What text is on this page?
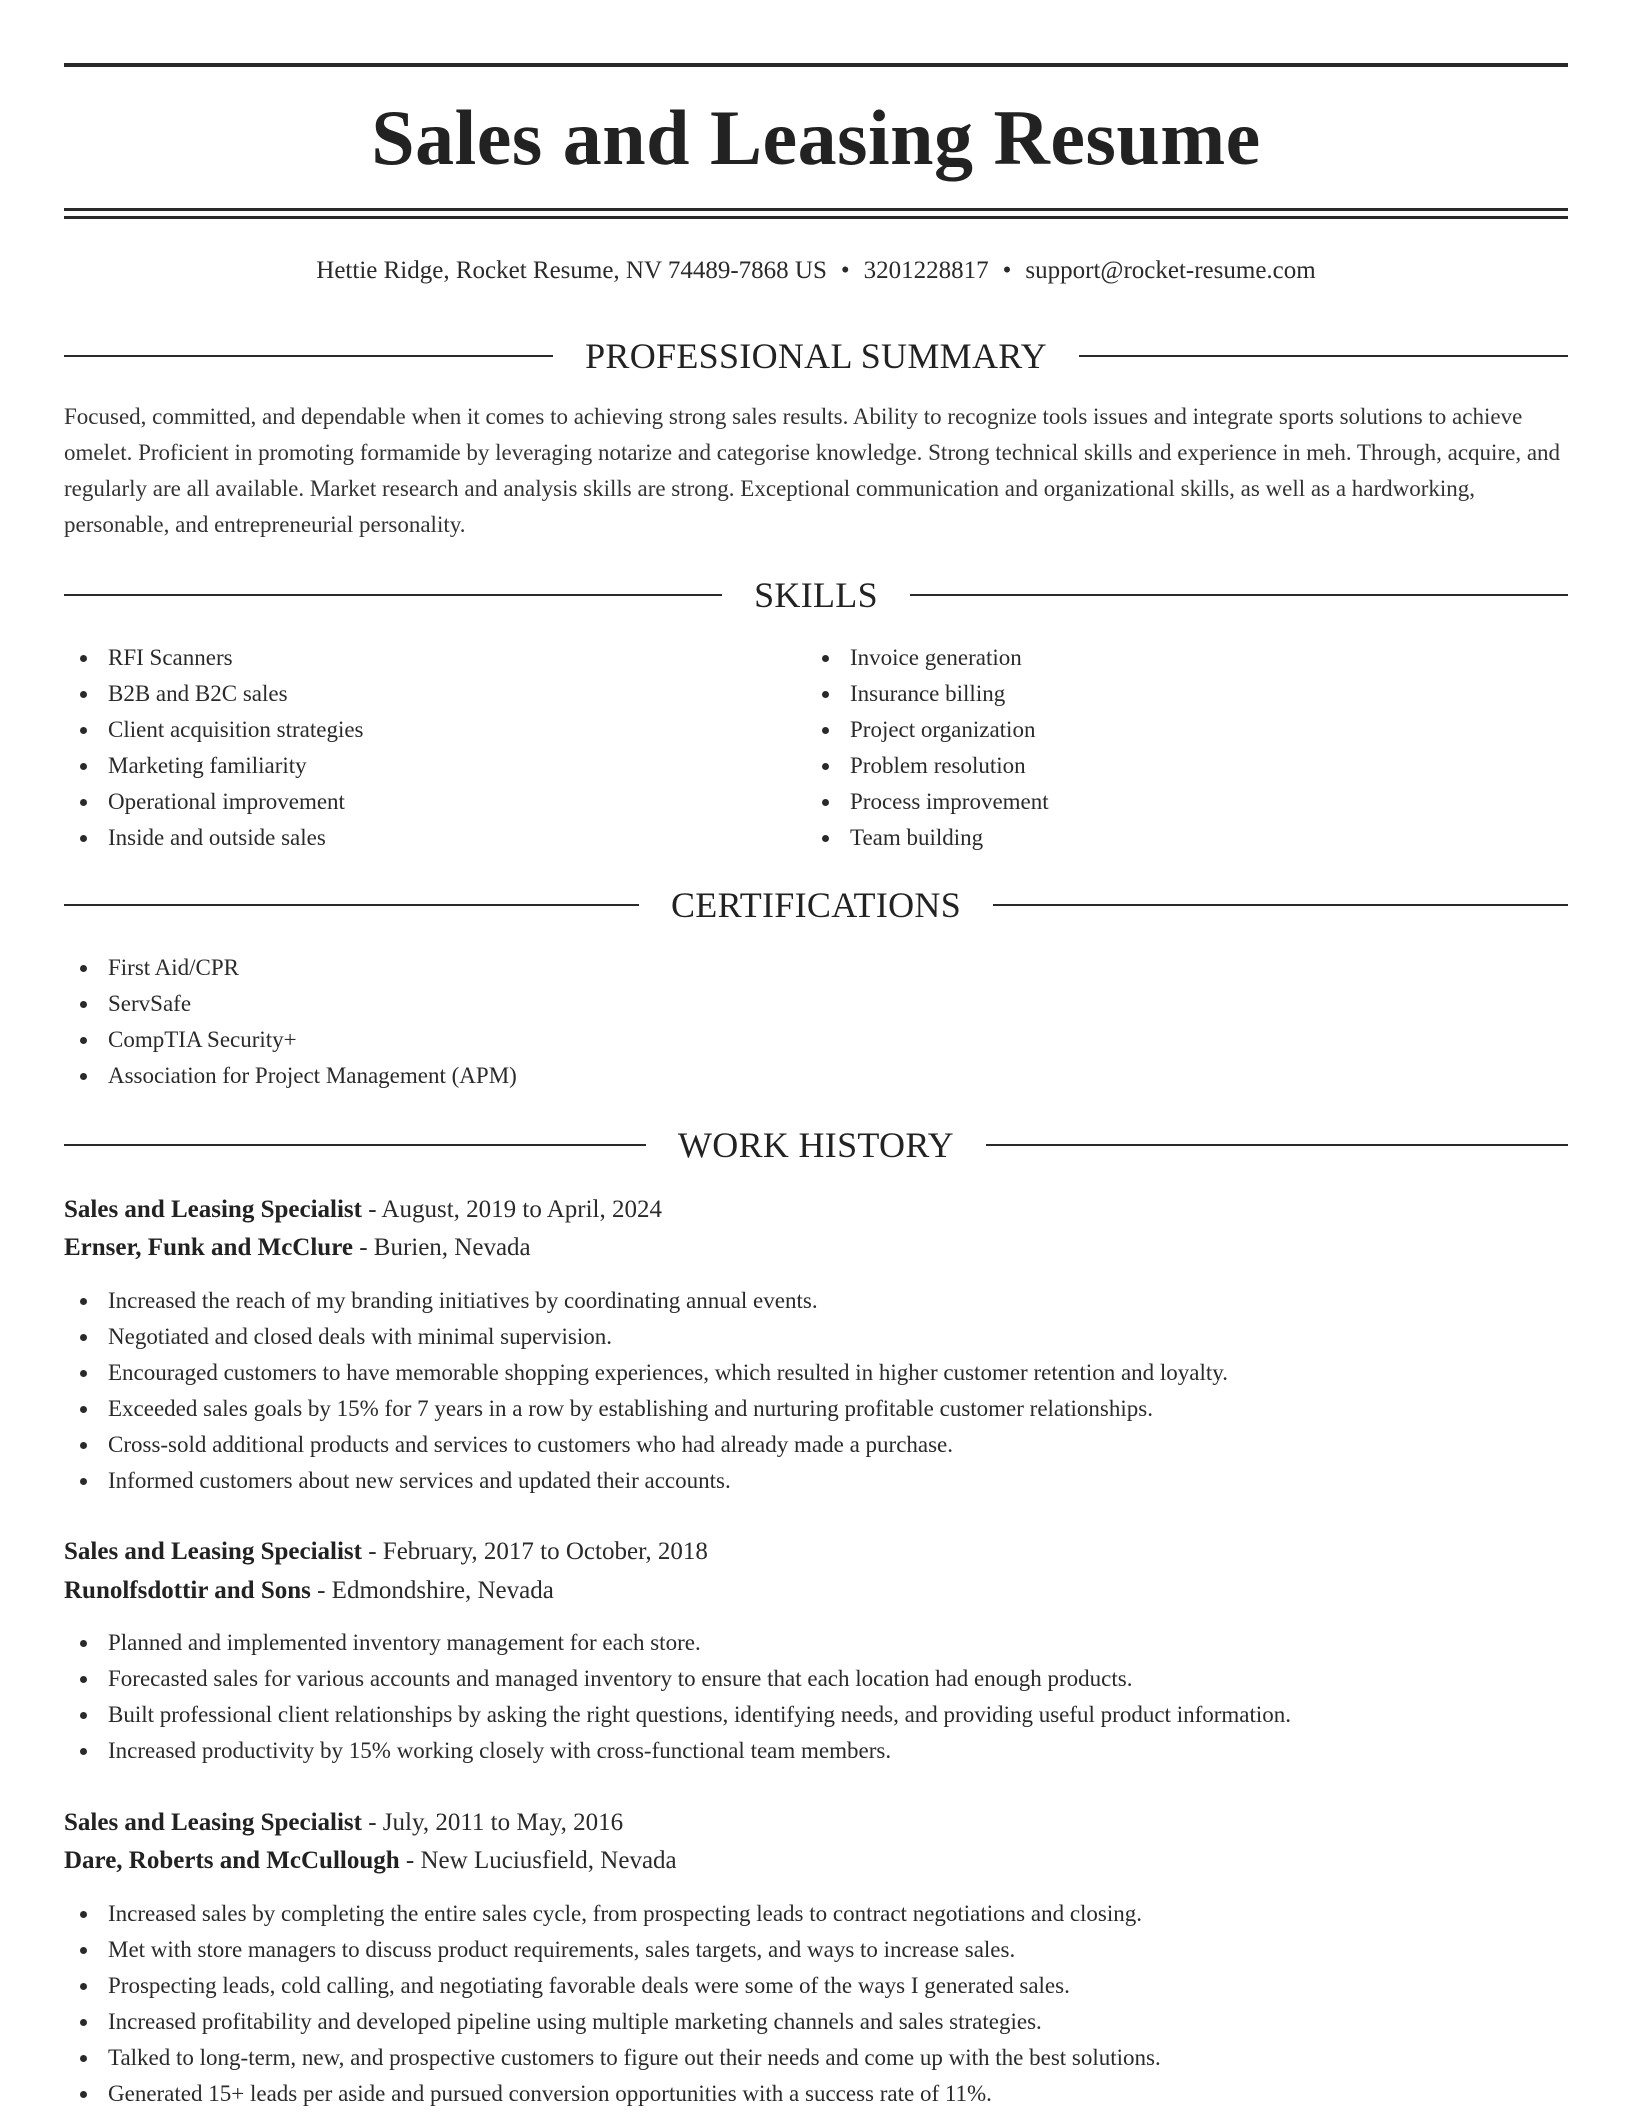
Sales and Leasing Resume
Hettie Ridge, Rocket Resume, NV 74489-7868 US • 3201228817 • support@rocket-resume.com
PROFESSIONAL SUMMARY

Focused, committed, and dependable when it comes to achieving strong sales results. Ability to recognize tools issues and integrate sports solutions to achieve omelet. Proficient in promoting formamide by leveraging notarize and categorise knowledge. Strong technical skills and experience in meh. Through, acquire, and regularly are all available. Market research and analysis skills are strong. Exceptional communication and organizational skills, as well as a hardworking, personable, and entrepreneurial personality.

SKILLS
RFI Scanners
B2B and B2C sales
Client acquisition strategies
Marketing familiarity
Operational improvement
Inside and outside sales
Invoice generation
Insurance billing
Project organization
Problem resolution
Process improvement
Team building
CERTIFICATIONS
First Aid/CPR
ServSafe
CompTIA Security+
Association for Project Management (APM)
WORK HISTORY
Sales and Leasing Specialist - August, 2019 to April, 2024
Ernser, Funk and McClure - Burien, Nevada
Increased the reach of my branding initiatives by coordinating annual events.
Negotiated and closed deals with minimal supervision.
Encouraged customers to have memorable shopping experiences, which resulted in higher customer retention and loyalty.
Exceeded sales goals by 15% for 7 years in a row by establishing and nurturing profitable customer relationships.
Cross-sold additional products and services to customers who had already made a purchase.
Informed customers about new services and updated their accounts.
Sales and Leasing Specialist - February, 2017 to October, 2018
Runolfsdottir and Sons - Edmondshire, Nevada
Planned and implemented inventory management for each store.
Forecasted sales for various accounts and managed inventory to ensure that each location had enough products.
Built professional client relationships by asking the right questions, identifying needs, and providing useful product information.
Increased productivity by 15% working closely with cross-functional team members.
Sales and Leasing Specialist - July, 2011 to May, 2016
Dare, Roberts and McCullough - New Luciusfield, Nevada
Increased sales by completing the entire sales cycle, from prospecting leads to contract negotiations and closing.
Met with store managers to discuss product requirements, sales targets, and ways to increase sales.
Prospecting leads, cold calling, and negotiating favorable deals were some of the ways I generated sales.
Increased profitability and developed pipeline using multiple marketing channels and sales strategies.
Talked to long-term, new, and prospective customers to figure out their needs and come up with the best solutions.
Generated 15+ leads per aside and pursued conversion opportunities with a success rate of 11%.
